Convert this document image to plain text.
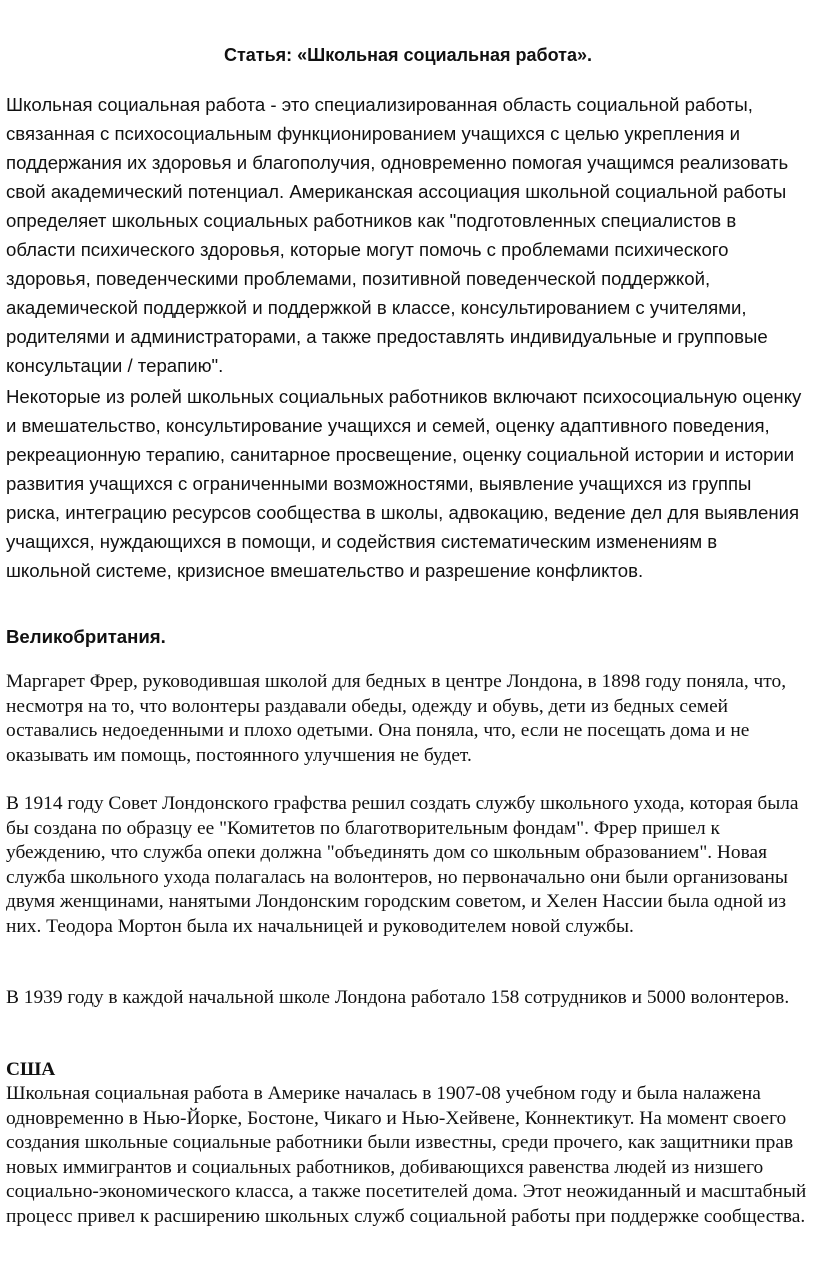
Статья: «Школьная социальная работа».

Школьная социальная работа - это специализированная область социальной работы, связанная с психосоциальным функционированием учащихся с целью укрепления и поддержания их здоровья и благополучия, одновременно помогая учащимся реализовать свой академический потенциал. Американская ассоциация школьной социальной работы определяет школьных социальных работников как "подготовленных специалистов в области психического здоровья, которые могут помочь с проблемами психического здоровья, поведенческими проблемами, позитивной поведенческой поддержкой, академической поддержкой и поддержкой в классе, консультированием с учителями, родителями и администраторами, а также предоставлять индивидуальные и групповые консультации / терапию".

Некоторые из ролей школьных социальных работников включают психосоциальную оценку и вмешательство, консультирование учащихся и семей, оценку адаптивного поведения, рекреационную терапию, санитарное просвещение, оценку социальной истории и истории развития учащихся с ограниченными возможностями, выявление учащихся из группы риска, интеграцию ресурсов сообщества в школы, адвокацию, ведение дел для выявления учащихся, нуждающихся в помощи, и содействия систематическим изменениям в школьной системе, кризисное вмешательство и разрешение конфликтов.

Великобритания.

Маргарет Фрер, руководившая школой для бедных в центре Лондона, в 1898 году поняла, что, несмотря на то, что волонтеры раздавали обеды, одежду и обувь, дети из бедных семей оставались недоеденными и плохо одетыми. Она поняла, что, если не посещать дома и не оказывать им помощь, постоянного улучшения не будет.

В 1914 году Совет Лондонского графства решил создать службу школьного ухода, которая была бы создана по образцу ее "Комитетов по благотворительным фондам". Фрер пришел к убеждению, что служба опеки должна "объединять дом со школьным образованием". Новая служба школьного ухода полагалась на волонтеров, но первоначально они были организованы двумя женщинами, нанятыми Лондонским городским советом, и Хелен Нассии была одной из них. Теодора Мортон была их начальницей и руководителем новой службы.

В 1939 году в каждой начальной школе Лондона работало 158 сотрудников и 5000 волонтеров.

США

Школьная социальная работа в Америке началась в 1907-08 учебном году и была налажена одновременно в Нью-Йорке, Бостоне, Чикаго и Нью-Хейвене, Коннектикут. На момент своего создания школьные социальные работники были известны, среди прочего, как защитники прав новых иммигрантов и социальных работников, добивающихся равенства людей из низшего социально-экономического класса, а также посетителей дома. Этот неожиданный и масштабный процесс привел к расширению школьных служб социальной работы при поддержке сообщества.
